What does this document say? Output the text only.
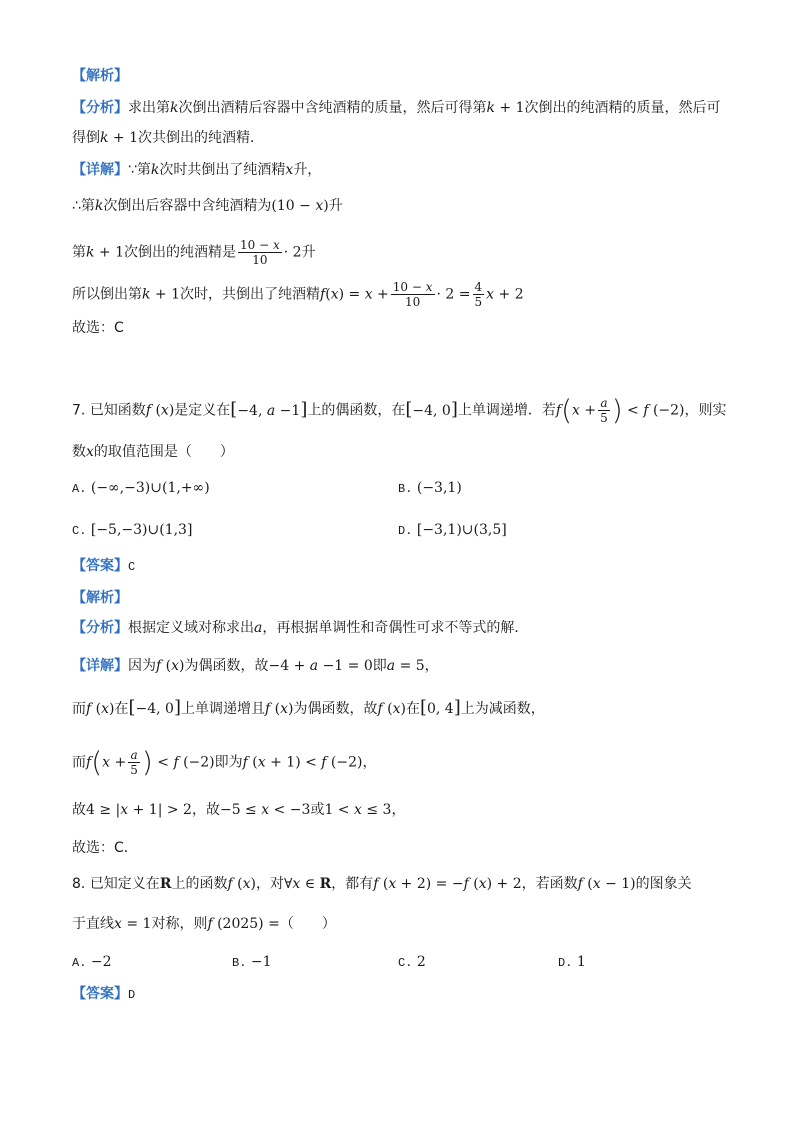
【解析】
【分析】求出第k次倒出酒精后容器中含纯酒精的质量，然后可得第k + 1次倒出的纯酒精的质量，然后可
得倒k + 1次共倒出的纯酒精．
【详解】∵第k次时共倒出了纯酒精x升，
∴第k次倒出后容器中含纯酒精为(10 − x)升
第k + 1次倒出的纯酒精是 $\frac{10 - x}{10} \cdot 2$升
所以倒出第k + 1次时，共倒出了纯酒精$f(x) = x + \frac{10 - x}{10} \cdot 2 = \frac{4}{5}$ x + 2
故选：C
7. 已知函数f (x)是定义在[−4, a −1]上的偶函数，在[−4, 0]上单调递增．若$f(x + \frac{a}{5}$ ) < f (−2)，则实
数x的取值范围是（　　）
A. (−∞,−3)∪(1,+∞)	B. (−3,1)
C. [−5,−3)∪(1,3]	D. [−3,1)∪(3,5]
【答案】C
【解析】
【分析】根据定义域对称求出a，再根据单调性和奇偶性可求不等式的解．
【详解】因为f (x)为偶函数，故−4 + a −1 = 0即a = 5，
而f (x)在[−4, 0]上单调递增且f (x)为偶函数，故f (x)在[0, 4]上为减函数，
而$f(x + \frac{a}{5}$ ) < f (−2)即为f (x + 1) < f (−2)，
故4 ≥ |x + 1| > 2，故−5 ≤ x < −3或1 < x ≤ 3，
故选：C．
8. 已知定义在R上的函数f (x)，对∀x ∈ R，都有f (x + 2) = −f (x) + 2，若函数f (x − 1)的图象关
于直线x = 1对称，则f (2025) =（　　）
A. −2	B. −1	C. 2	D. 1
【答案】D
